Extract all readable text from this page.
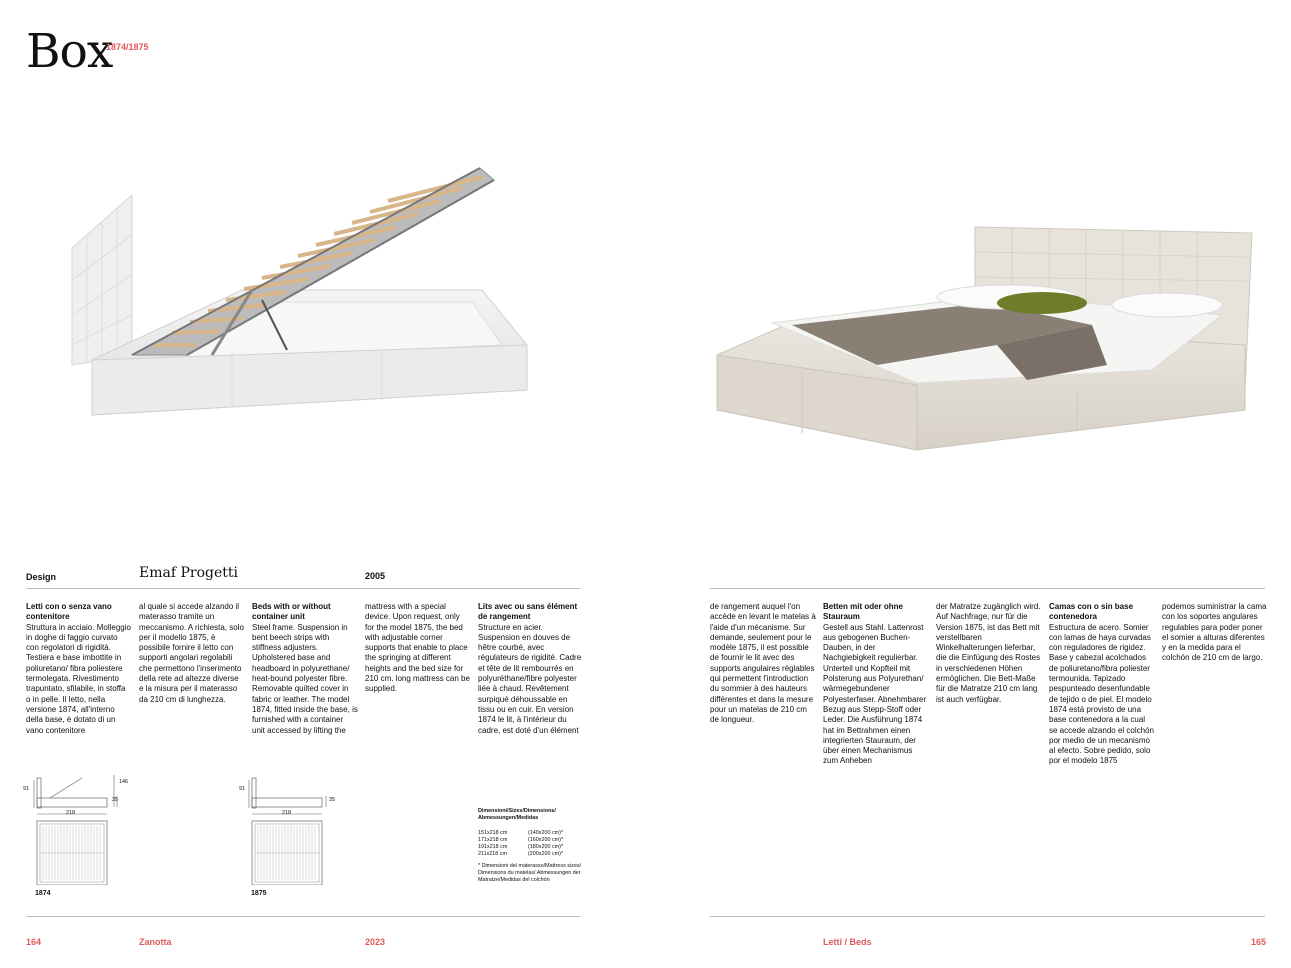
Box
1874/1875
Design	Emaf Progetti	2005
Letti con o senza vano contenitore
Struttura in acciaio. Molleggio in doghe di faggio curvato con regolatori di rigidità. Testiera e base imbottite in poliuretano/ fibra poliestere termolegata. Rivestimento trapuntato, sfilabile, in stoffa o in pelle. Il letto, nella versione 1874, all'interno della base, è dotato di un vano contenitore
al quale si accede alzando il materasso tramite un meccanismo. A richiesta, solo per il modello 1875, è possibile fornire il letto con supporti angolari regolabili che permettono l'inserimento della rete ad altezze diverse e la misura per il materasso da 210 cm di lunghezza.
Beds with or without container unit
Steel frame. Suspension in bent beech strips with stiffness adjusters. Upholstered base and headboard in polyurethane/ heat-bound polyester fibre. Removable quilted cover in fabric or leather. The model 1874, fitted inside the base, is furnished with a container unit accessed by lifting the
mattress with a special device. Upon request, only for the model 1875, the bed with adjustable corner supports that enable to place the springing at different heights and the bed size for 210 cm. long mattress can be supplied.
Lits avec ou sans élément de rangement
Structure en acier. Suspension en douves de hêtre courbé, avec régulateurs de rigidité. Cadre et tête de lit rembourrés en polyuréthane/fibre polyester liée à chaud. Revêtement surpiqué déhoussable en tissu ou en cuir. En version 1874 le lit, à l'intérieur du cadre, est doté d'un élément
de rangement auquel l'on accède en levant le matelas à l'aide d'un mécanisme. Sur demande, seulement pour le modèle 1875, il est possible de fournir le lit avec des supports angulaires réglables qui permettent l'introduction du sommier à des hauteurs différentes et dans la mesure pour un matelas de 210 cm de longueur.
Betten mit oder ohne Stauraum
Gestell aus Stahl. Lattenrost aus gebogenen Buchen- Dauben, in der Nachgiebigkeit regulierbar. Unterteil und Kopfteil mit Polsterung aus Polyurethan/ wärmegebundener Polyesterfaser. Abnehmbarer Bezug aus Stepp-Stoff oder Leder. Die Ausführung 1874 hat im Bettrahmen einen integrierten Stauraum, der über einen Mechanismus zum Anheben
der Matratze zugänglich wird. Auf Nachfrage, nur für die Version 1875, ist das Bett mit verstellbaren Winkelhalterungen lieferbar, die die Einfügung des Rostes in verschiedenen Höhen ermöglichen. Die Bett-Maße für die Matratze 210 cm lang ist auch verfügbar.
Camas con o sin base contenedora
Estructura de acero. Somier con lamas de haya curvadas con reguladores de rigidez. Base y cabezal acolchados de poliuretano/fibra poliester termounida. Tapizado pespunteado desenfundable de tejido o de piel. El modelo 1874 está provisto de una base contenedora a la cual se accede alzando el colchón por medio de un mecanismo al efecto. Sobre pedido, solo por el modelo 1875
podemos suministrar la cama con los soportes angulares regulables para poder poner el somier a alturas diferentes y en la medida para el colchón de 210 cm de largo.
91
146
35
218
1874
91
35
218
1875
Dimensioni/Sizes/Dimensions/ Abmessungen/Medidas
151x218 cm	(140x200 cm)*
171x218 cm	(160x200 cm)*
191x218 cm	(180x200 cm)*
211x218 cm	(200x200 cm)*
* Dimensioni del materasso/Mattress sizes/ Dimensions du matelas/ Abmessungen der Matratze/Medidas del colchón
164	Zanotta	2023	Letti / Beds	165
